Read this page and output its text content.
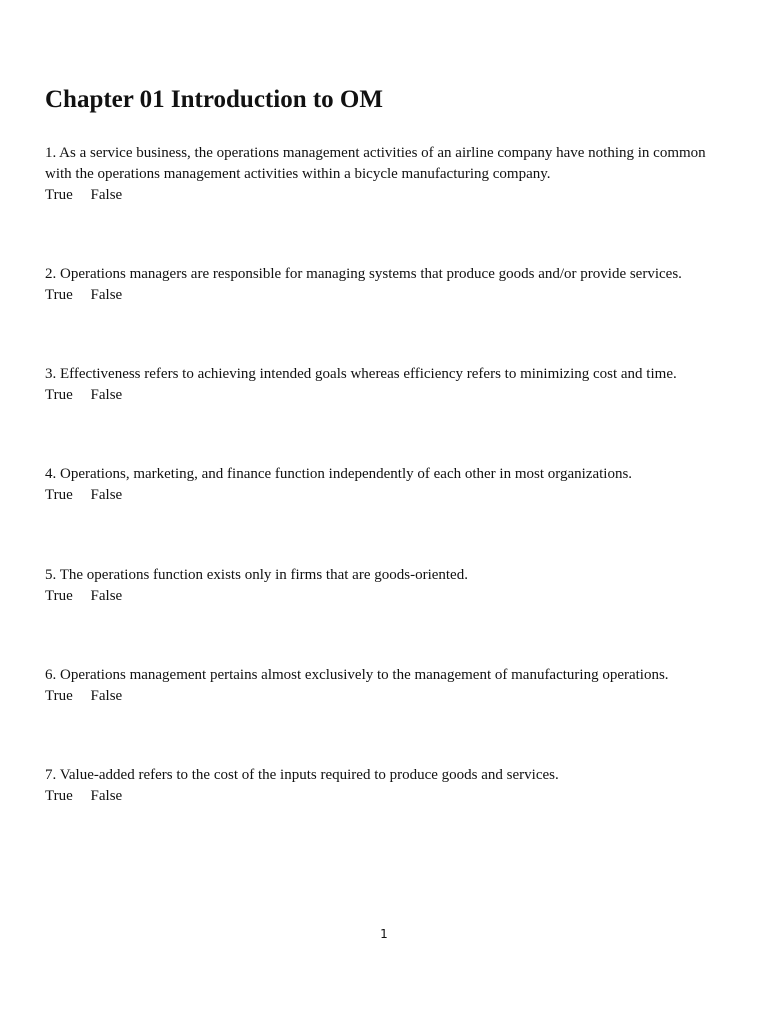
Chapter 01 Introduction to OM

1. As a service business, the operations management activities of an airline company have nothing in common with the operations management activities within a bicycle manufacturing company.

True False

2. Operations managers are responsible for managing systems that produce goods and/or provide services.

True False

3. Effectiveness refers to achieving intended goals whereas efficiency refers to minimizing cost and time.

True False

4. Operations, marketing, and finance function independently of each other in most organizations.

True False

5. The operations function exists only in firms that are goods-oriented.

True False

6. Operations management pertains almost exclusively to the management of manufacturing operations.

True False

7. Value-added refers to the cost of the inputs required to produce goods and services.

True False

1
